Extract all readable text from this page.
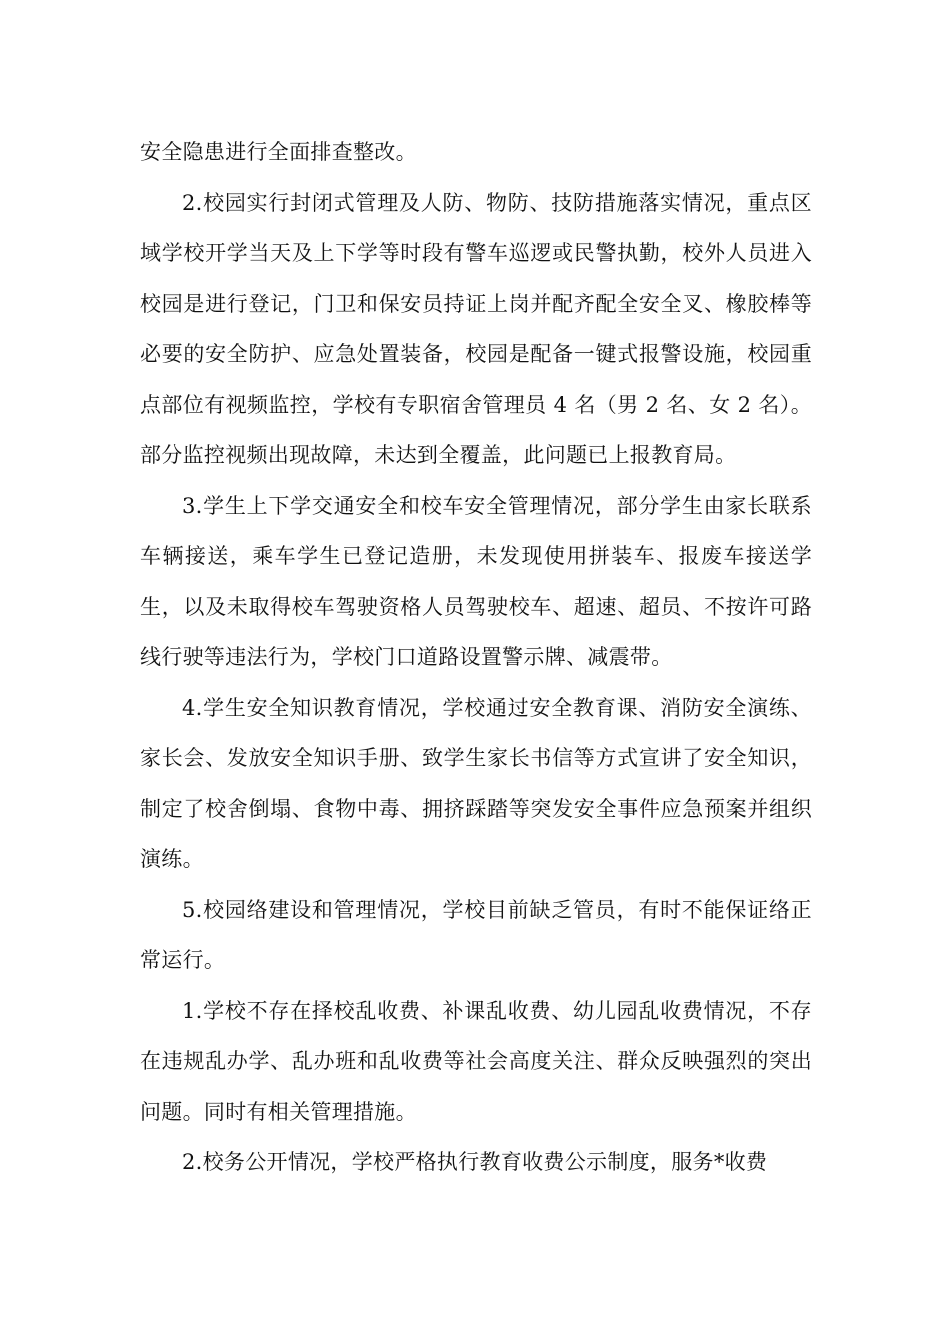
安全隐患进行全面排查整改。

2.校园实行封闭式管理及人防、物防、技防措施落实情况，重点区域学校开学当天及上下学等时段有警车巡逻或民警执勤，校外人员进入校园是进行登记，门卫和保安员持证上岗并配齐配全安全叉、橡胶棒等必要的安全防护、应急处置装备，校园是配备一键式报警设施，校园重点部位有视频监控，学校有专职宿舍管理员 4 名（男 2 名、女 2 名）。部分监控视频出现故障，未达到全覆盖，此问题已上报教育局。

3.学生上下学交通安全和校车安全管理情况，部分学生由家长联系车辆接送，乘车学生已登记造册，未发现使用拼装车、报废车接送学生，以及未取得校车驾驶资格人员驾驶校车、超速、超员、不按许可路线行驶等违法行为，学校门口道路设置警示牌、减震带。

4.学生安全知识教育情况，学校通过安全教育课、消防安全演练、家长会、发放安全知识手册、致学生家长书信等方式宣讲了安全知识，制定了校舍倒塌、食物中毒、拥挤踩踏等突发安全事件应急预案并组织演练。

5.校园络建设和管理情况，学校目前缺乏管员，有时不能保证络正常运行。

1.学校不存在择校乱收费、补课乱收费、幼儿园乱收费情况，不存在违规乱办学、乱办班和乱收费等社会高度关注、群众反映强烈的突出问题。同时有相关管理措施。

2.校务公开情况，学校严格执行教育收费公示制度，服务*收费
